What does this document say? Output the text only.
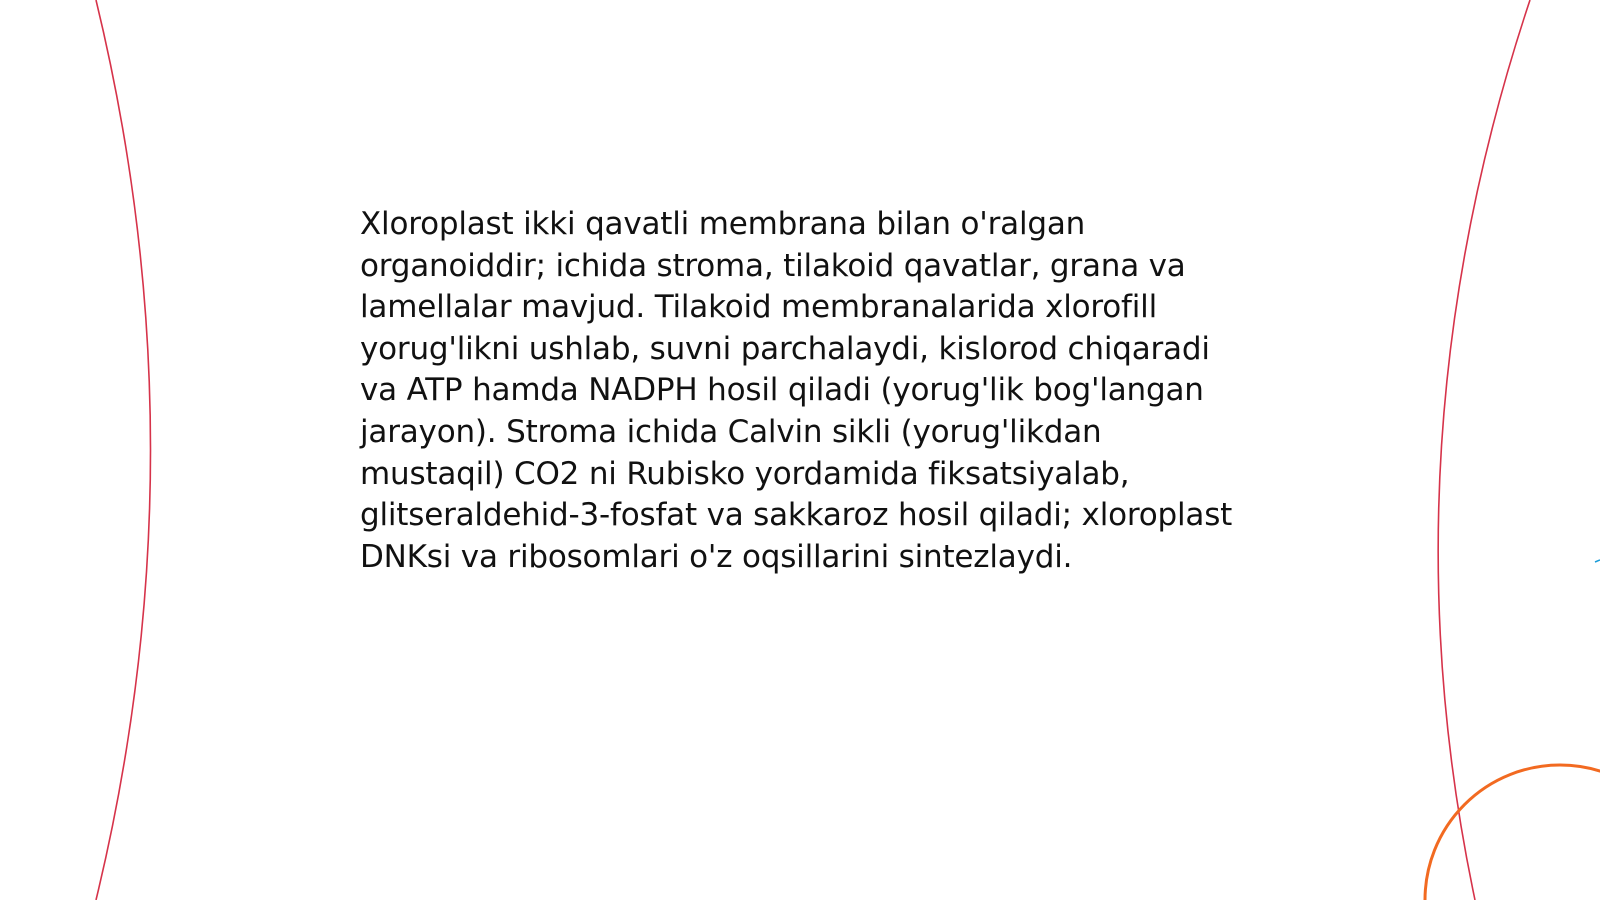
Xloroplast ikki qavatli membrana bilan o'ralgan organoiddir; ichida stroma, tilakoid qavatlar, grana va lamellalar mavjud. Tilakoid membranalarida xlorofill yorug'likni ushlab, suvni parchalaydi, kislorod chiqaradi va ATP hamda NADPH hosil qiladi (yorug'lik bog'langan jarayon). Stroma ichida Calvin sikli (yorug'likdan mustaqil) CO2 ni Rubisko yordamida fiksatsiyalab, glitseraldehid-3-fosfat va sakkaroz hosil qiladi; xloroplast DNKsi va ribosomlari o'z oqsillarini sintezlaydi.
